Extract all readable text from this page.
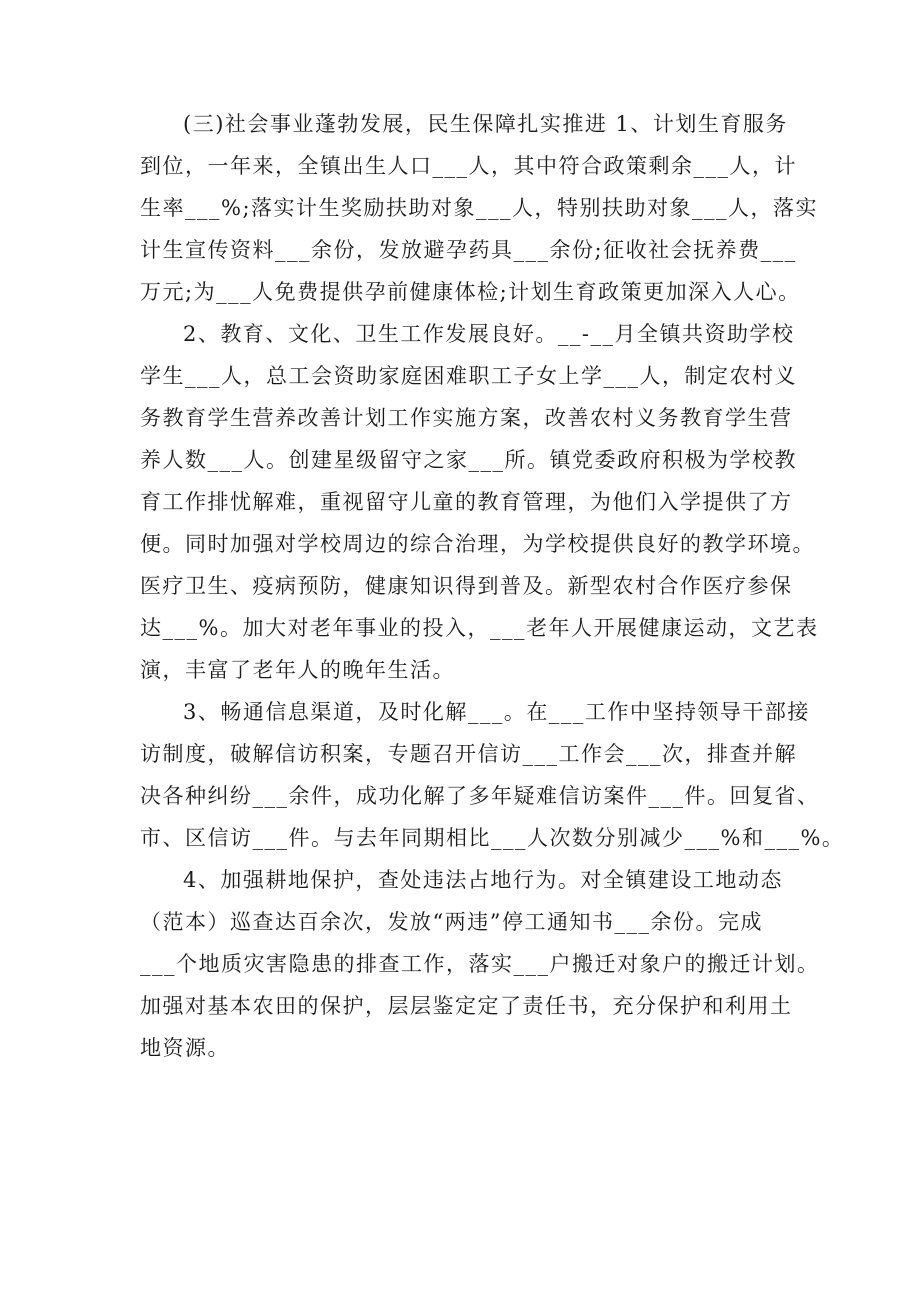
(三)社会事业蓬勃发展，民生保障扎实推进 1、计划生育服务
到位，一年来，全镇出生人口___人，其中符合政策剩余___人，计
生率___%;落实计生奖励扶助对象___人，特别扶助对象___人，落实
计生宣传资料___余份，发放避孕药具___余份;征收社会抚养费___
万元;为___人免费提供孕前健康体检;计划生育政策更加深入人心。
2、教育、文化、卫生工作发展良好。__-__月全镇共资助学校
学生___人，总工会资助家庭困难职工子女上学___人，制定农村义
务教育学生营养改善计划工作实施方案，改善农村义务教育学生营
养人数___人。创建星级留守之家___所。镇党委政府积极为学校教
育工作排忧解难，重视留守儿童的教育管理，为他们入学提供了方
便。同时加强对学校周边的综合治理，为学校提供良好的教学环境。
医疗卫生、疫病预防，健康知识得到普及。新型农村合作医疗参保
达___%。加大对老年事业的投入，___老年人开展健康运动，文艺表
演，丰富了老年人的晚年生活。
3、畅通信息渠道，及时化解___。在___工作中坚持领导干部接
访制度，破解信访积案，专题召开信访___工作会___次，排查并解
决各种纠纷___余件，成功化解了多年疑难信访案件___件。回复省、
市、区信访___件。与去年同期相比___人次数分别减少___%和___%。
4、加强耕地保护，查处违法占地行为。对全镇建设工地动态
（范本）巡查达百余次，发放“两违”停工通知书___余份。完成
___个地质灾害隐患的排查工作，落实___户搬迁对象户的搬迁计划。
加强对基本农田的保护，层层鉴定定了责任书，充分保护和利用土
地资源。
